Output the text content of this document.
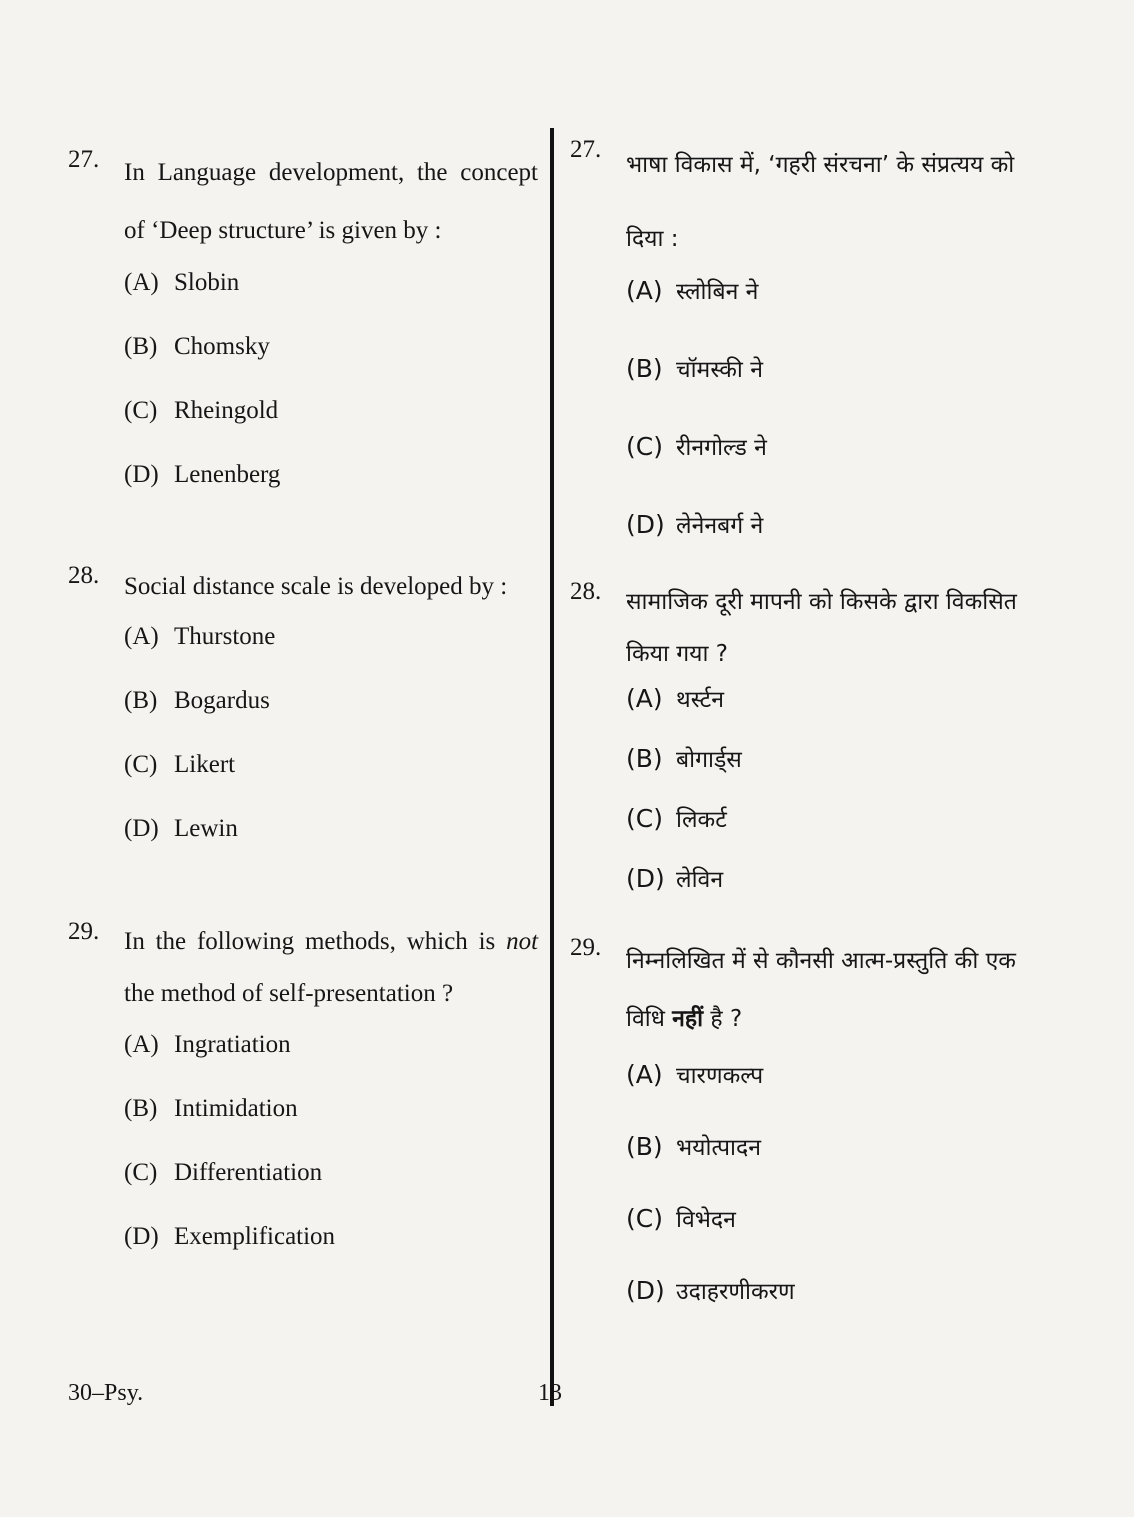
27. In Language development, the concept of ‘Deep structure’ is given by :

(A) Slobin
(B) Chomsky
(C) Rheingold
(D) Lenenberg
28. Social distance scale is developed by :

(A) Thurstone
(B) Bogardus
(C) Likert
(D) Lewin
29. In the following methods, which is not the method of self-presentation ?

(A) Ingratiation
(B) Intimidation
(C) Differentiation
(D) Exemplification
27.

भाषा विकास में, ‘गहरी संरचना’ के संप्रत्यय को दिया :

(A) स्लोबिन ने
(B) चॉमस्की ने
(C) रीनगोल्ड ने
(D) लेनेनबर्ग ने
28. सामाजिक दूरी मापनी को किसके द्वारा विकसित किया गया ?

(A) थर्स्टन
(B) बोगार्ड्स
(C) लिकर्ट
(D) लेविन
29. निम्नलिखित में से कौनसी आत्म-प्रस्तुति की एक विधि नहीं है ?

(A) चारणकल्प
(B) भयोत्पादन
(C) विभेदन
(D) उदाहरणीकरण
30–Psy.	13
